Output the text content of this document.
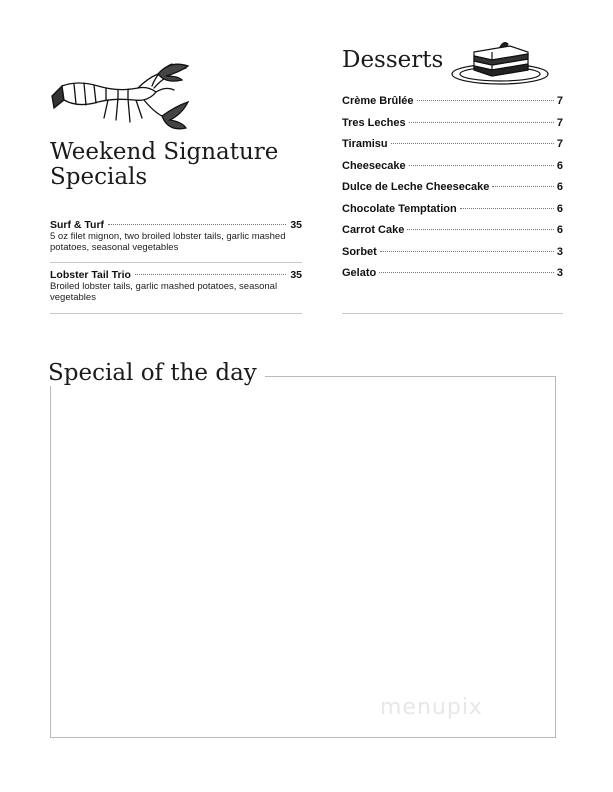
Weekend Signature Specials
Surf & Turf	35
5 oz filet mignon, two broiled lobster tails, garlic mashed potatoes, seasonal vegetables
Lobster Tail Trio	35
Broiled lobster tails, garlic mashed potatoes, seasonal vegetables
Desserts
Crème Brûlée	7
Tres Leches	7
Tiramisu	7
Cheesecake	6
Dulce de Leche Cheesecake	6
Chocolate Temptation	6
Carrot Cake	6
Sorbet	3
Gelato	3
Special of the day
menupix
